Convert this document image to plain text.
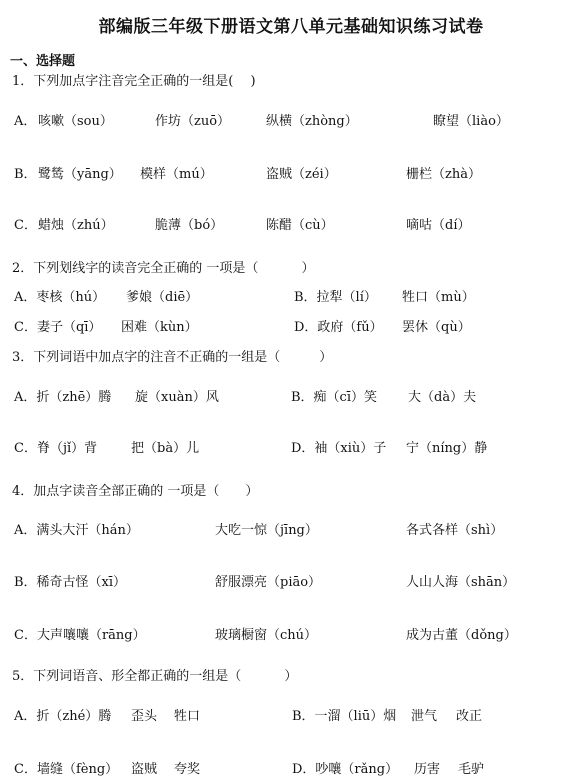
部编版三年级下册语文第八单元基础知识练习试卷
一、选择题
1．下列加点字注音完全正确的一组是(　 )
A． 咳嗽（sou）	作坊（zuō）	纵横（zhòng）	瞭望（liào）
B． 鹭鸶（yāng） 模样（mú）	盗贼（zéi）	栅栏（zhà）
C． 蜡烛（zhú）	脆薄（bó）	陈醋（cù）	嘀咕（dí）
2．下列划线字的读音完全正确的 一项是（　　　 ）
A．枣核（hú） 爹娘（diē）	B．拉犁（lí） 牲口（mù）
C．妻子（qī） 困难（kùn）	D．政府（fǔ） 罢休（qù）
3．下列词语中加点字的注音不正确的一组是（　　　）
A．折（zhē）腾 旋（xuàn）风	B．痴（cī）笑 大（dà）夫
C．脊（jǐ）背	把（bà）儿	D．袖（xiù）子 宁（níng）静
4．加点字读音全部正确的 一项是（　　）
A．满头大汗（hán）	大吃一惊（jīng）	各式各样（shì）
B．稀奇古怪（xī）	舒服漂亮（piāo）	人山人海（shān）
C．大声嚷嚷（rāng）	玻璃橱窗（chú）	成为古董（dǒng）
5．下列词语音、形全都正确的一组是（　　　 ）
A．折（zhé）腾 歪头 牲口	B．一溜（liū）烟 泄气 改正
C．墙缝（fèng） 盗贼 夸奖	D．吵嚷（rǎng） 历害 毛驴
